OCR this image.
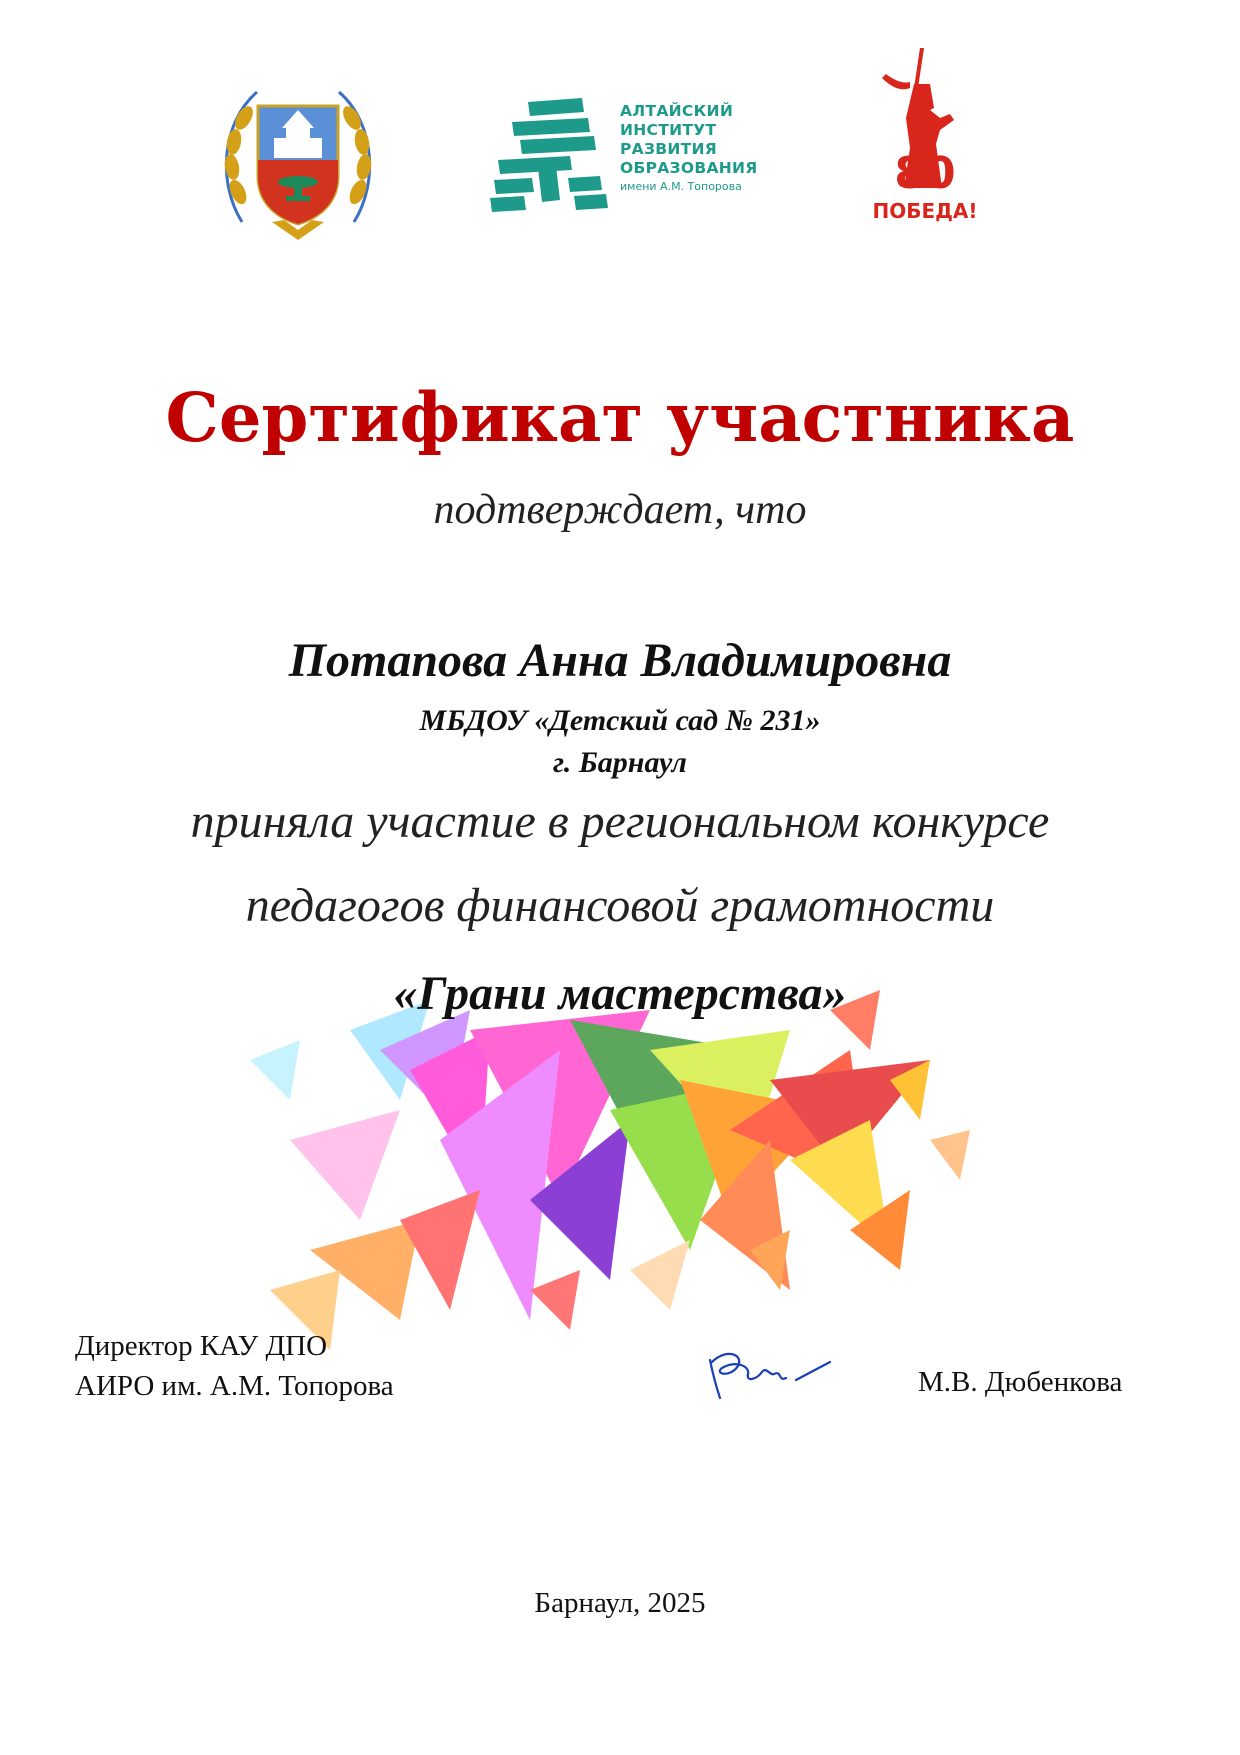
АЛТАЙСКИЙ
ИНСТИТУТ
РАЗВИТИЯ
ОБРАЗОВАНИЯ
имени А.М. Топорова	80
ПОБЕДА!
Сертификат участника
подтверждает, что
Потапова Анна Владимировна
МБДОУ «Детский сад № 231»
г. Барнаул
приняла участие в региональном конкурсе
педагогов финансовой грамотности
«Грани мастерства»
Директор КАУ ДПО
АИРО им. А.М. Топорова	М.В. Дюбенкова
Барнаул, 2025
